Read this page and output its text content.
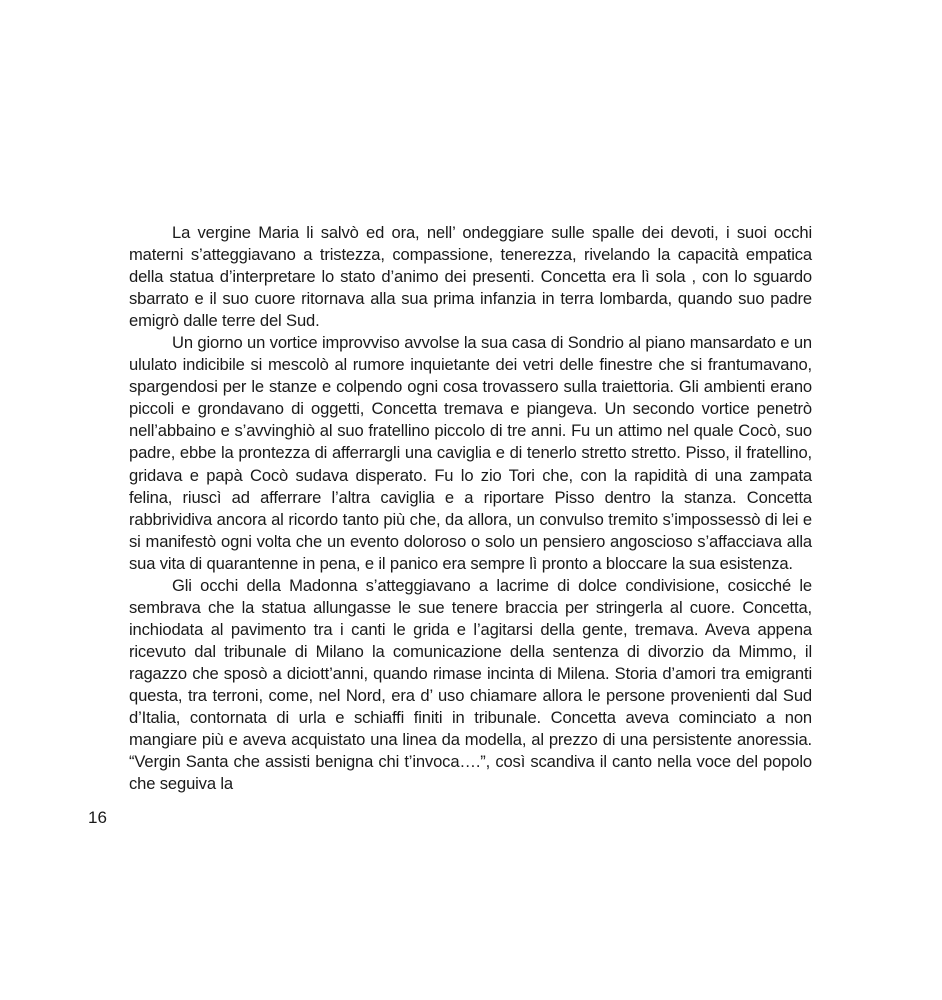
La vergine Maria li salvò ed ora, nell’ ondeggiare sulle spalle dei devoti, i suoi occhi materni s’atteggiavano a tristezza, compassione, tenerezza, rivelando la capacità empatica della statua d’interpretare lo stato d’animo dei presenti. Concetta era lì sola , con lo sguardo sbarrato e il suo cuore ritornava alla sua prima infanzia in terra lombarda, quando suo padre emigrò dalle terre del Sud.

Un giorno un vortice improvviso avvolse la sua casa di Sondrio al piano mansardato e un ululato indicibile si mescolò al rumore inquietante dei vetri delle finestre che si frantumavano, spargendosi per le stanze e colpendo ogni cosa trovassero sulla traiettoria. Gli ambienti erano piccoli e grondavano di oggetti, Concetta tremava e piangeva. Un secondo vortice penetrò nell’abbaino e s’avvinghiò al suo fratellino piccolo di tre anni. Fu un attimo nel quale Cocò, suo padre, ebbe la prontezza di afferrargli una caviglia e di tenerlo stretto stretto. Pisso, il fratellino, gridava e papà Cocò sudava disperato. Fu lo zio Tori che, con la rapidità di una zampata felina, riuscì ad afferrare l’altra caviglia e a riportare Pisso dentro la stanza. Concetta rabbrividiva ancora al ricordo tanto più che, da allora, un convulso tremito s’impossessò di lei e si manifestò ogni volta che un evento doloroso o solo un pensiero angoscioso s’affacciava alla sua vita di quarantenne in pena, e il panico era sempre lì pronto a bloccare la sua esistenza.

Gli occhi della Madonna s’atteggiavano a lacrime di dolce condivisione, cosicché le sembrava che la statua allungasse le sue tenere braccia per stringerla al cuore. Concetta, inchiodata al pavimento tra i canti le grida e l’agitarsi della gente, tremava. Aveva appena ricevuto dal tribunale di Milano la comunicazione della sentenza di divorzio da Mimmo, il ragazzo che sposò a diciott’anni, quando rimase incinta di Milena. Storia d’amori tra emigranti questa, tra terroni, come, nel Nord, era d’ uso chiamare allora le persone provenienti dal Sud d’Italia, contornata di urla e schiaffi finiti in tribunale. Concetta aveva cominciato a non mangiare più e aveva acquistato una linea da modella, al prezzo di una persistente anoressia. “Vergin Santa che assisti benigna chi t’invoca….”, così scandiva il canto nella voce del popolo che seguiva la

16
